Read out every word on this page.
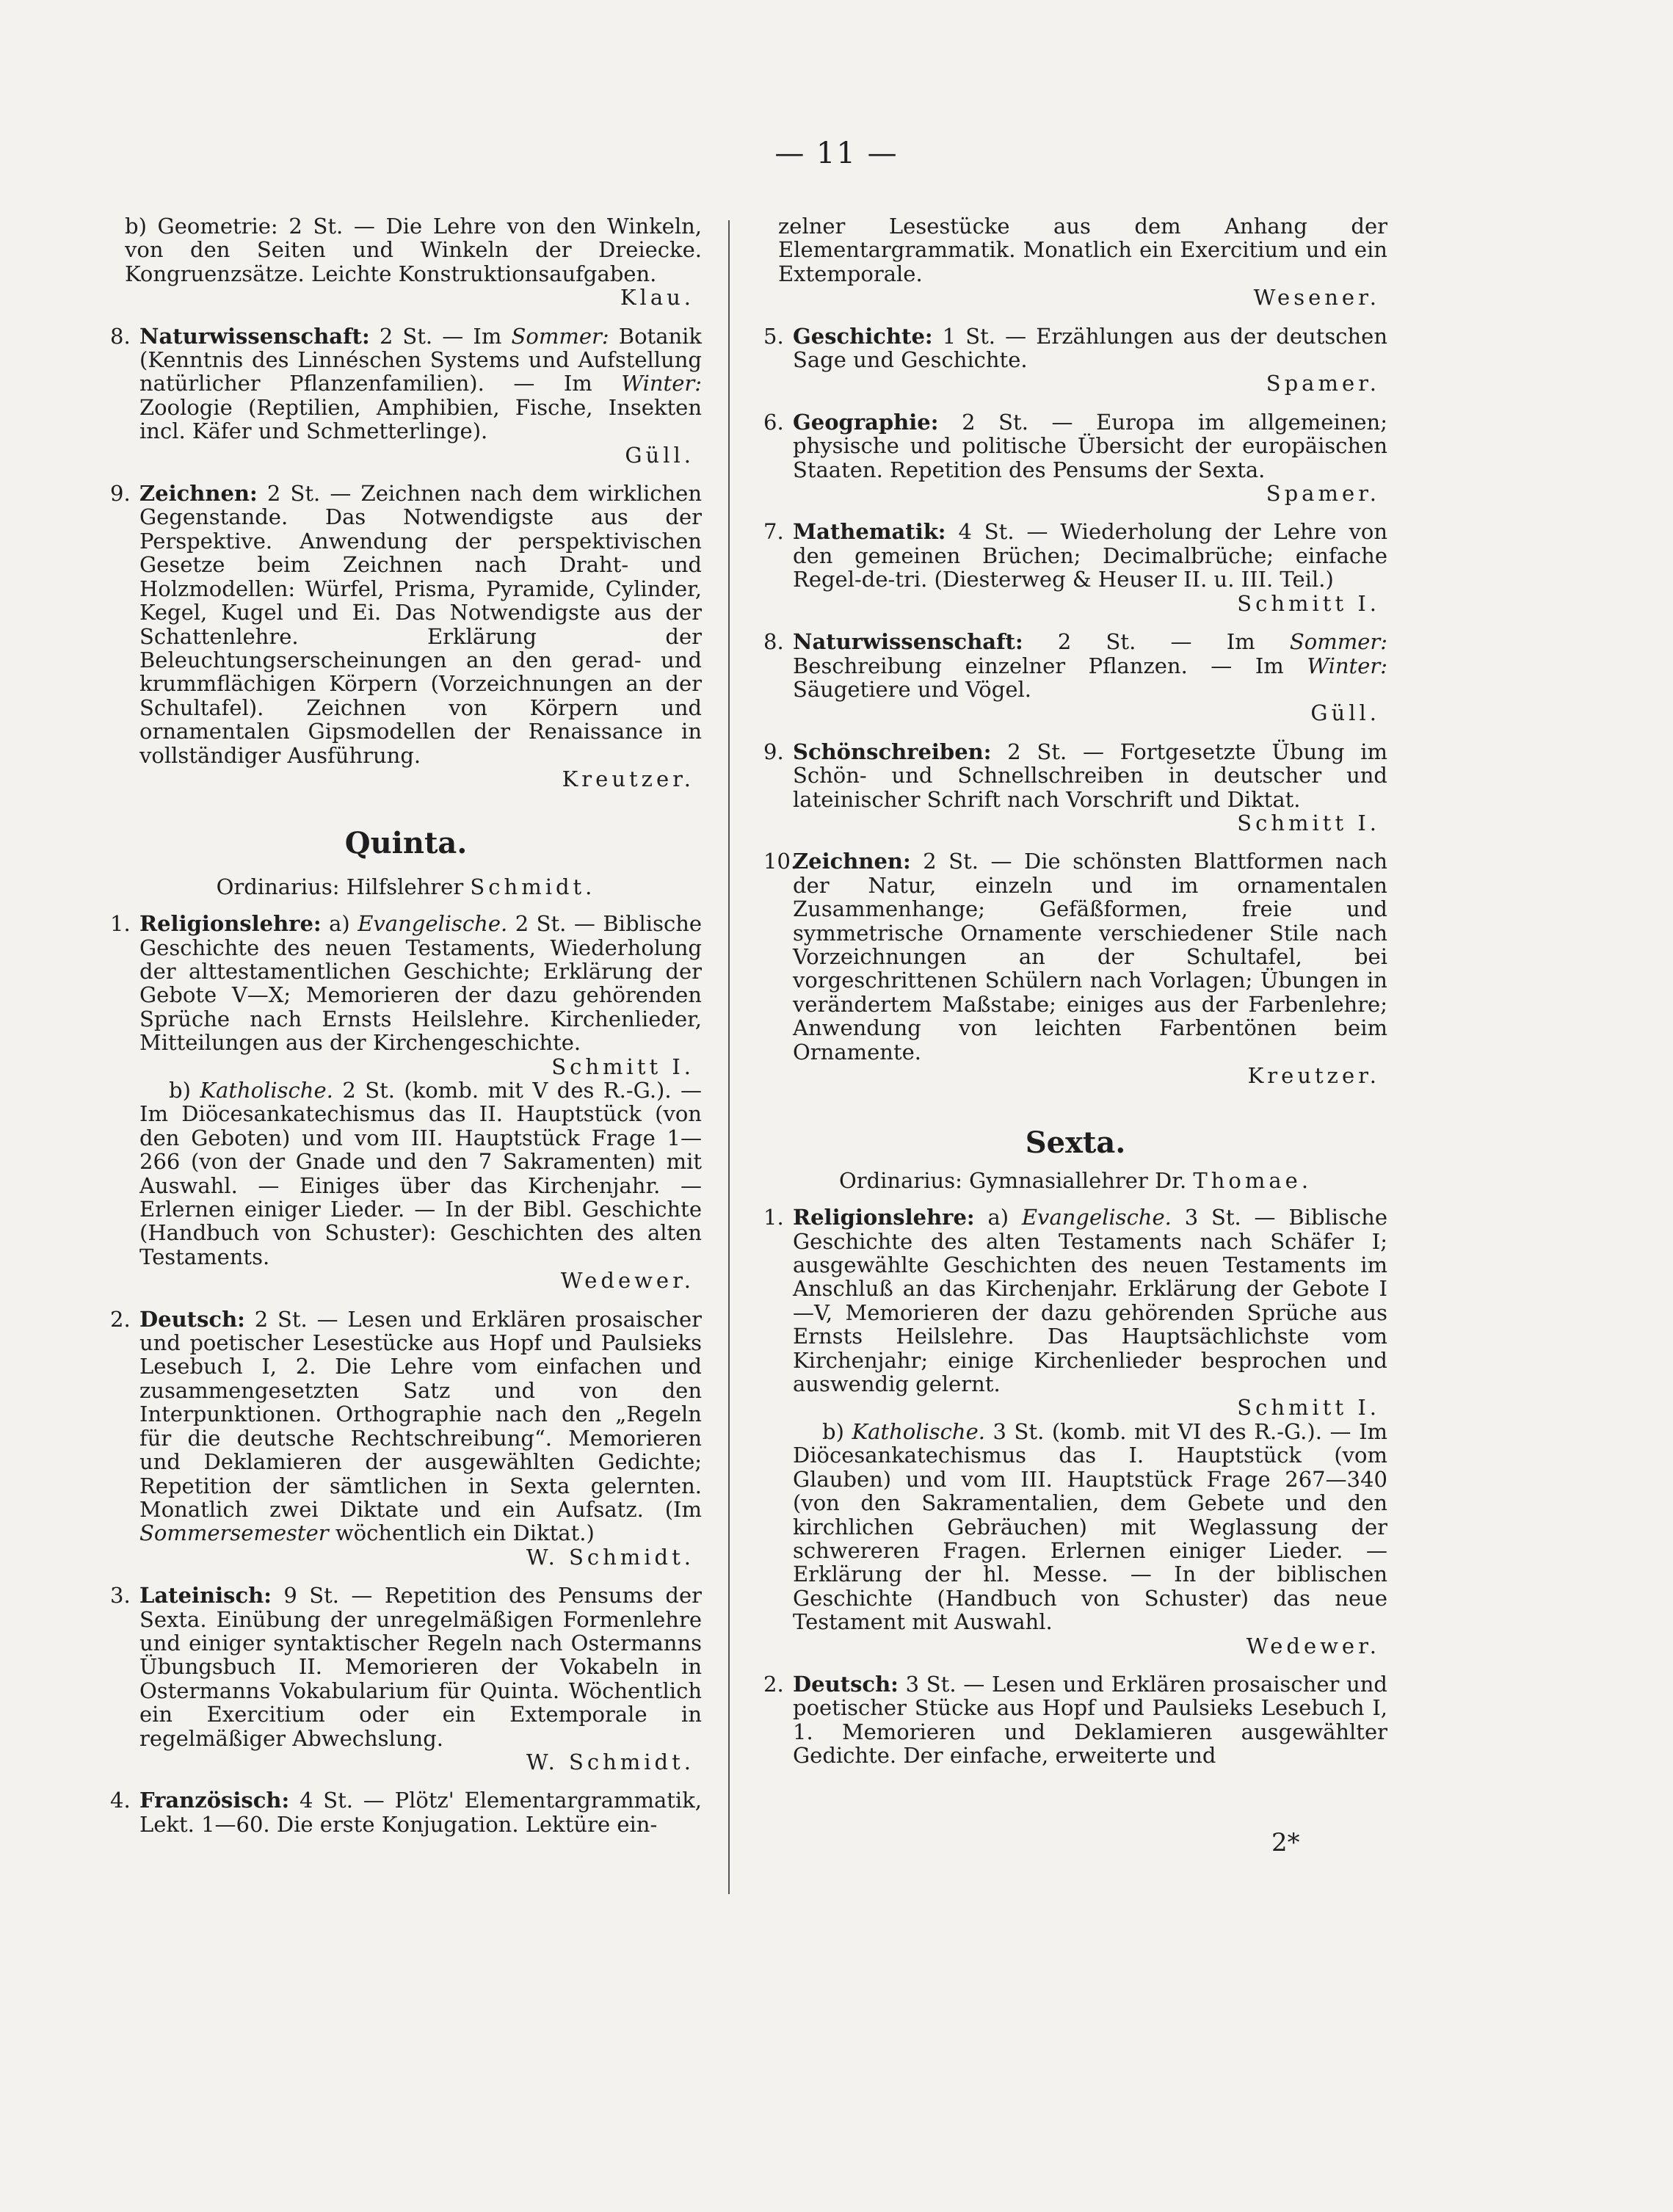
— 11 —

b) Geometrie: 2 St. — Die Lehre von den Winkeln, von den Seiten und Winkeln der Dreiecke. Kongruenzsätze. Leichte Konstruktionsaufgaben.

Klau.

8. Naturwissenschaft: 2 St. — Im Sommer: Botanik (Kenntnis des Linnéschen Systems und Aufstellung natürlicher Pflanzenfamilien). — Im Winter: Zoologie (Reptilien, Amphibien, Fische, Insekten incl. Käfer und Schmetterlinge).

Güll.

9. Zeichnen: 2 St. — Zeichnen nach dem wirklichen Gegenstande. Das Notwendigste aus der Perspektive. Anwendung der perspektivischen Gesetze beim Zeichnen nach Draht- und Holzmodellen: Würfel, Prisma, Pyramide, Cylinder, Kegel, Kugel und Ei. Das Notwendigste aus der Schattenlehre. Erklärung der Beleuchtungserscheinungen an den gerad- und krummflächigen Körpern (Vorzeichnungen an der Schultafel). Zeichnen von Körpern und ornamentalen Gipsmodellen der Renaissance in vollständiger Ausführung.

Kreutzer.

Quinta.

Ordinarius: Hilfslehrer Schmidt.

1. Religionslehre: a) Evangelische. 2 St. — Biblische Geschichte des neuen Testaments, Wiederholung der alttestamentlichen Geschichte; Erklärung der Gebote V—X; Memorieren der dazu gehörenden Sprüche nach Ernsts Heilslehre. Kirchenlieder, Mitteilungen aus der Kirchengeschichte.

Schmitt I.

b) Katholische. 2 St. (komb. mit V des R.-G.). — Im Diöcesankatechismus das II. Hauptstück (von den Geboten) und vom III. Hauptstück Frage 1—266 (von der Gnade und den 7 Sakramenten) mit Auswahl. — Einiges über das Kirchenjahr. — Erlernen einiger Lieder. — In der Bibl. Geschichte (Handbuch von Schuster): Geschichten des alten Testaments.

Wedewer.

2. Deutsch: 2 St. — Lesen und Erklären prosaischer und poetischer Lesestücke aus Hopf und Paulsieks Lesebuch I, 2. Die Lehre vom einfachen und zusammengesetzten Satz und von den Interpunktionen. Orthographie nach den „Regeln für die deutsche Rechtschreibung“. Memorieren und Deklamieren der ausgewählten Gedichte; Repetition der sämtlichen in Sexta gelernten. Monatlich zwei Diktate und ein Aufsatz. (Im Sommersemester wöchentlich ein Diktat.)

W. Schmidt.

3. Lateinisch: 9 St. — Repetition des Pensums der Sexta. Einübung der unregelmäßigen Formenlehre und einiger syntaktischer Regeln nach Ostermanns Übungsbuch II. Memorieren der Vokabeln in Ostermanns Vokabularium für Quinta. Wöchentlich ein Exercitium oder ein Extemporale in regelmäßiger Abwechslung.

W. Schmidt.

4. Französisch: 4 St. — Plötz' Elementargrammatik, Lekt. 1—60. Die erste Konjugation. Lektüre ein-

zelner Lesestücke aus dem Anhang der Elementargrammatik. Monatlich ein Exercitium und ein Extemporale.

Wesener.

5. Geschichte: 1 St. — Erzählungen aus der deutschen Sage und Geschichte.

Spamer.

6. Geographie: 2 St. — Europa im allgemeinen; physische und politische Übersicht der europäischen Staaten. Repetition des Pensums der Sexta.

Spamer.

7. Mathematik: 4 St. — Wiederholung der Lehre von den gemeinen Brüchen; Decimalbrüche; einfache Regel-de-tri. (Diesterweg & Heuser II. u. III. Teil.)

Schmitt I.

8. Naturwissenschaft: 2 St. — Im Sommer: Beschreibung einzelner Pflanzen. — Im Winter: Säugetiere und Vögel.

Güll.

9. Schönschreiben: 2 St. — Fortgesetzte Übung im Schön- und Schnellschreiben in deutscher und lateinischer Schrift nach Vorschrift und Diktat.

Schmitt I.

10.Zeichnen: 2 St. — Die schönsten Blattformen nach der Natur, einzeln und im ornamentalen Zusammenhange; Gefäßformen, freie und symmetrische Ornamente verschiedener Stile nach Vorzeichnungen an der Schultafel, bei vorgeschrittenen Schülern nach Vorlagen; Übungen in verändertem Maßstabe; einiges aus der Farbenlehre; Anwendung von leichten Farbentönen beim Ornamente.

Kreutzer.

Sexta.

Ordinarius: Gymnasiallehrer Dr. Thomae.

1. Religionslehre: a) Evangelische. 3 St. — Biblische Geschichte des alten Testaments nach Schäfer I; ausgewählte Geschichten des neuen Testaments im Anschluß an das Kirchenjahr. Erklärung der Gebote I—V, Memorieren der dazu gehörenden Sprüche aus Ernsts Heilslehre. Das Hauptsächlichste vom Kirchenjahr; einige Kirchenlieder besprochen und auswendig gelernt.

Schmitt I.

b) Katholische. 3 St. (komb. mit VI des R.-G.). — Im Diöcesankatechismus das I. Hauptstück (vom Glauben) und vom III. Hauptstück Frage 267—340 (von den Sakramentalien, dem Gebete und den kirchlichen Gebräuchen) mit Weglassung der schwereren Fragen. Erlernen einiger Lieder. — Erklärung der hl. Messe. — In der biblischen Geschichte (Handbuch von Schuster) das neue Testament mit Auswahl.

Wedewer.

2. Deutsch: 3 St. — Lesen und Erklären prosaischer und poetischer Stücke aus Hopf und Paulsieks Lesebuch I, 1. Memorieren und Deklamieren ausgewählter Gedichte. Der einfache, erweiterte und

2*
